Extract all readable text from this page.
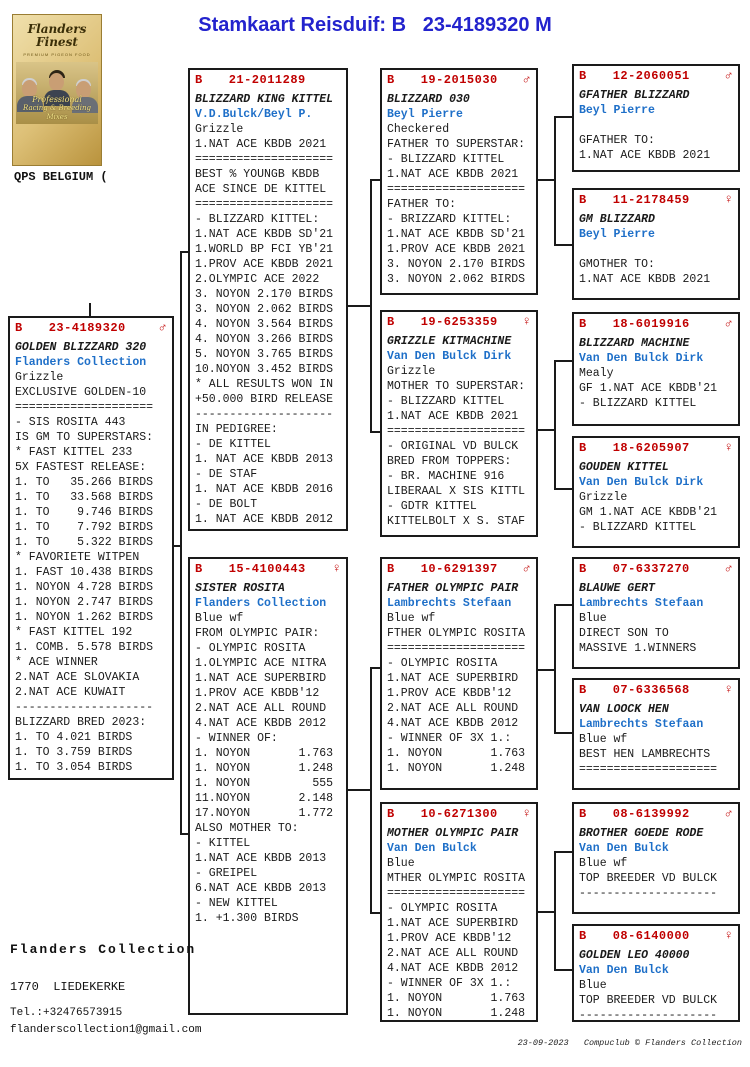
Stamkaart Reisduif: B   23-4189320 M
Flanders Finest
PREMIUM PIGEON FOOD
Professional
Racing & Breeding Mixes
QPS BELGIUM (
B 23-4189320	♂
GOLDEN BLIZZARD 320
Flanders Collection
Grizzle
EXCLUSIVE GOLDEN-10
====================
- SIS ROSITA 443
IS GM TO SUPERSTARS:
* FAST KITTEL 233
5X FASTEST RELEASE:
1. TO   35.266 BIRDS
1. TO   33.568 BIRDS
1. TO    9.746 BIRDS
1. TO    7.792 BIRDS
1. TO    5.322 BIRDS
* FAVORIETE WITPEN
1. FAST 10.438 BIRDS
1. NOYON 4.728 BIRDS
1. NOYON 2.747 BIRDS
1. NOYON 1.262 BIRDS
* FAST KITTEL 192
1. COMB. 5.578 BIRDS
* ACE WINNER
2.NAT ACE SLOVAKIA
2.NAT ACE KUWAIT
--------------------
BLIZZARD BRED 2023:
1. TO 4.021 BIRDS
1. TO 3.759 BIRDS
1. TO 3.054 BIRDS
B 21-2011289
BLIZZARD KING KITTEL
V.D.Bulck/Beyl P.
Grizzle
1.NAT ACE KBDB 2021
====================
BEST % YOUNGB KBDB
ACE SINCE DE KITTEL
====================
- BLIZZARD KITTEL:
1.NAT ACE KBDB SD'21
1.WORLD BP FCI YB'21
1.PROV ACE KBDB 2021
2.OLYMPIC ACE 2022
3. NOYON 2.170 BIRDS
3. NOYON 2.062 BIRDS
4. NOYON 3.564 BIRDS
4. NOYON 3.266 BIRDS
5. NOYON 3.765 BIRDS
10.NOYON 3.452 BIRDS
* ALL RESULTS WON IN
+50.000 BIRD RELEASE
--------------------
IN PEDIGREE:
- DE KITTEL
1. NAT ACE KBDB 2013
- DE STAF
1. NAT ACE KBDB 2016
- DE BOLT
1. NAT ACE KBDB 2012
B 15-4100443 ♀
SISTER ROSITA
Flanders Collection
Blue wf
FROM OLYMPIC PAIR:
- OLYMPIC ROSITA
1.OLYMPIC ACE NITRA
1.NAT ACE SUPERBIRD
1.PROV ACE KBDB'12
2.NAT ACE ALL ROUND
4.NAT ACE KBDB 2012
- WINNER OF:
1. NOYON       1.763
1. NOYON       1.248
1. NOYON         555
11.NOYON       2.148
17.NOYON       1.772
ALSO MOTHER TO:
- KITTEL
1.NAT ACE KBDB 2013
- GREIPEL
6.NAT ACE KBDB 2013
- NEW KITTEL
1. +1.300 BIRDS
B 19-2015030 ♂
BLIZZARD 030
Beyl Pierre
Checkered
FATHER TO SUPERSTAR:
- BLIZZARD KITTEL
1.NAT ACE KBDB 2021
====================
FATHER TO:
- BRIZZARD KITTEL:
1.NAT ACE KBDB SD'21
1.PROV ACE KBDB 2021
3. NOYON 2.170 BIRDS
3. NOYON 2.062 BIRDS
B 19-6253359 ♀
GRIZZLE KITMACHINE
Van Den Bulck Dirk
Grizzle
MOTHER TO SUPERSTAR:
- BLIZZARD KITTEL
1.NAT ACE KBDB 2021
====================
- ORIGINAL VD BULCK
BRED FROM TOPPERS:
- BR. MACHINE 916
LIBERAAL X SIS KITTL
- GDTR KITTEL
KITTELBOLT X S. STAF
B 10-6291397 ♂
FATHER OLYMPIC PAIR
Lambrechts Stefaan
Blue wf
FTHER OLYMPIC ROSITA
====================
- OLYMPIC ROSITA
1.NAT ACE SUPERBIRD
1.PROV ACE KBDB'12
2.NAT ACE ALL ROUND
4.NAT ACE KBDB 2012
- WINNER OF 3X 1.:
1. NOYON       1.763
1. NOYON       1.248
B 10-6271300 ♀
MOTHER OLYMPIC PAIR
Van Den Bulck
Blue
MTHER OLYMPIC ROSITA
====================
- OLYMPIC ROSITA
1.NAT ACE SUPERBIRD
1.PROV ACE KBDB'12
2.NAT ACE ALL ROUND
4.NAT ACE KBDB 2012
- WINNER OF 3X 1.:
1. NOYON       1.763
1. NOYON       1.248
B 12-2060051	♂
GFATHER BLIZZARD
Beyl Pierre

GFATHER TO:
1.NAT ACE KBDB 2021
B 11-2178459	♀
GM BLIZZARD
Beyl Pierre

GMOTHER TO:
1.NAT ACE KBDB 2021
B 18-6019916	♂
BLIZZARD MACHINE
Van Den Bulck Dirk
Mealy
GF 1.NAT ACE KBDB'21
- BLIZZARD KITTEL
B 18-6205907	♀
GOUDEN KITTEL
Van Den Bulck Dirk
Grizzle
GM 1.NAT ACE KBDB'21
- BLIZZARD KITTEL
B 07-6337270	♂
BLAUWE GERT
Lambrechts Stefaan
Blue
DIRECT SON TO
MASSIVE 1.WINNERS
B 07-6336568	♀
VAN LOOCK HEN
Lambrechts Stefaan
Blue wf
BEST HEN LAMBRECHTS
====================
B 08-6139992	♂
BROTHER GOEDE RODE
Van Den Bulck
Blue wf
TOP BREEDER VD BULCK
--------------------
B 08-6140000	♀
GOLDEN LEO 40000
Van Den Bulck
Blue
TOP BREEDER VD BULCK
--------------------
Flanders Collection
1770  LIEDEKERKE
Tel.:+32476573915
flanderscollection1@gmail.com
23-09-2023   Compuclub © Flanders Collection
